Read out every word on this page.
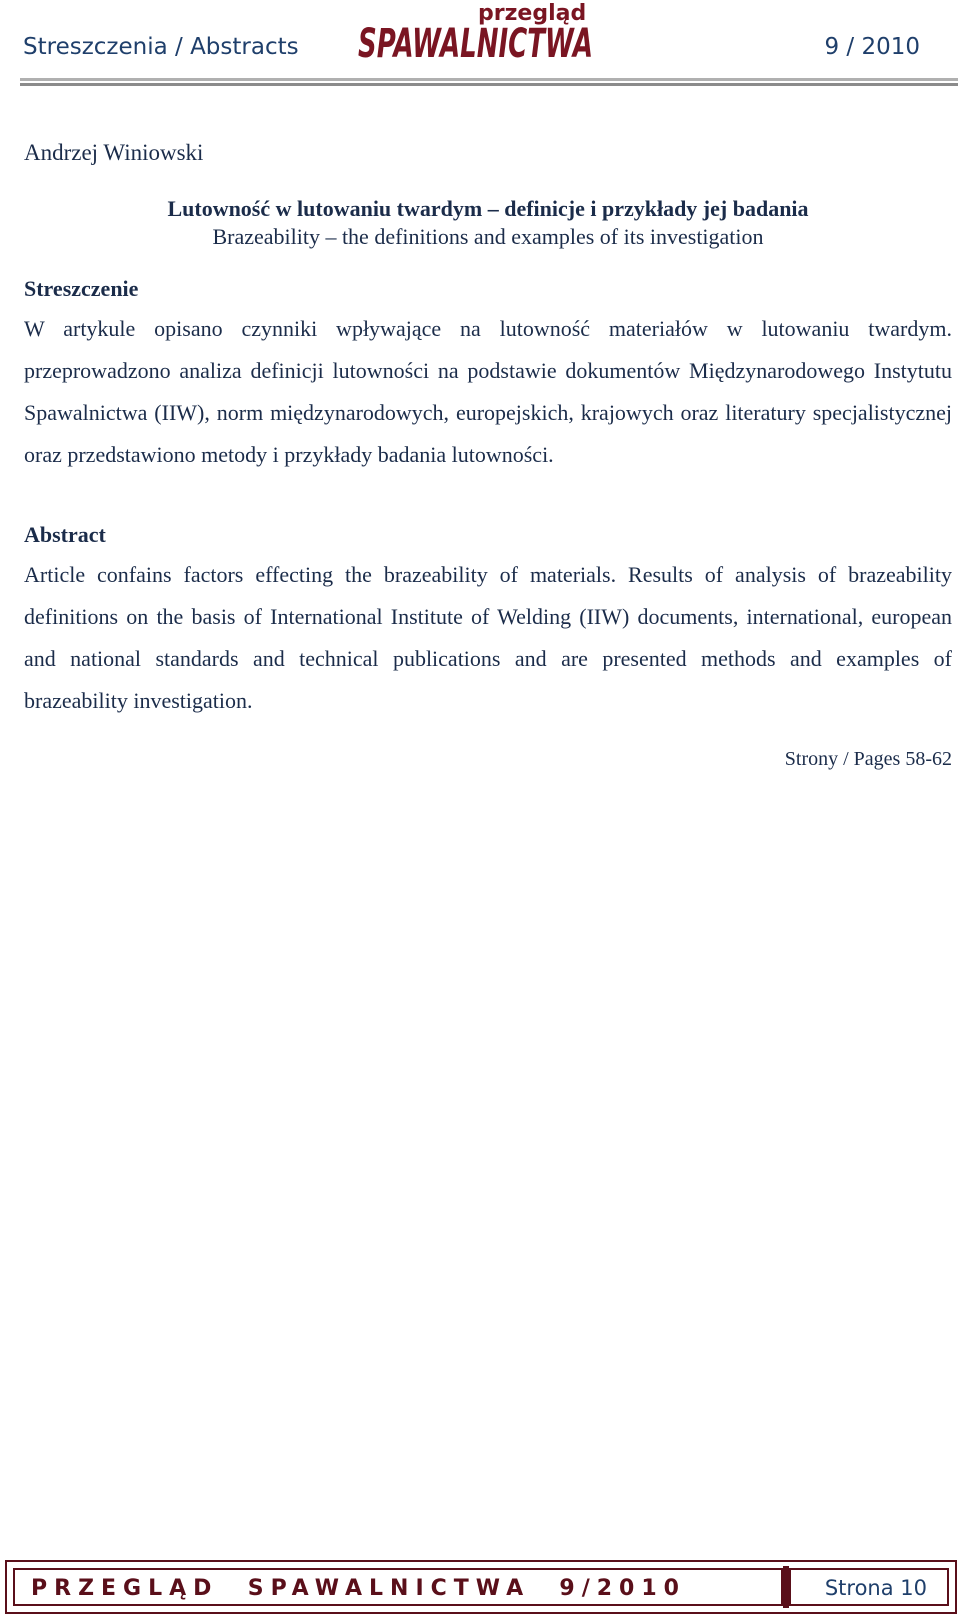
Streszczenia / Abstracts
przegląd
SPAWALNICTWA	9 / 2010
Andrzej Winiowski
Lutowność w lutowaniu twardym – definicje i przykłady jej badania
Brazeability – the definitions and examples of its investigation
Streszczenie
W artykule opisano czynniki wpływające na lutowność materiałów w lutowaniu twardym. przeprowadzono analiza definicji lutowności na podstawie dokumentów Międzynarodowego Instytutu Spawalnictwa (IIW), norm międzynarodowych, europejskich, krajowych oraz literatury specjalistycznej oraz przedstawiono metody i przykłady badania lutowności.
Abstract
Article confains factors effecting the brazeability of materials. Results of analysis of brazeability definitions on the basis of International Institute of Welding (IIW) documents, international, european and national standards and technical publications and are presented methods and examples of brazeability investigation.
Strony / Pages 58-62
PRZEGLĄD  SPAWALNICTWA  9/2010	Strona 10
